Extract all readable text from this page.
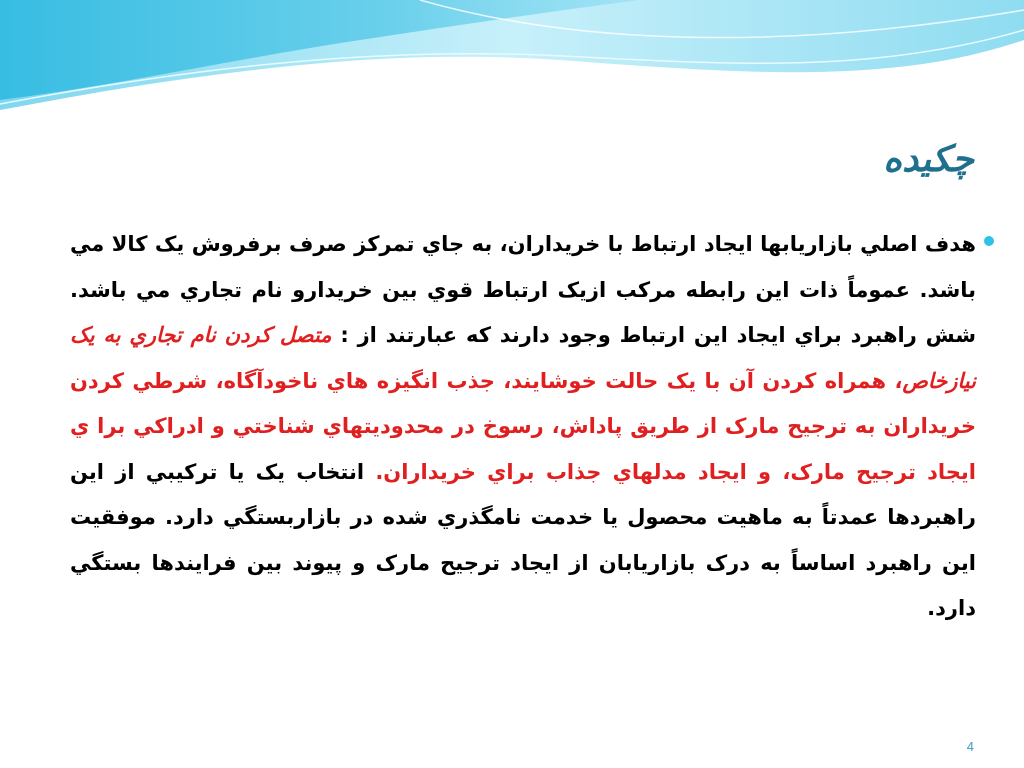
چكيده

هدف اصلي بازاريابها ايجاد ارتباط با خريداران، به جاي تمركز صرف برفروش يک کالا مي باشد. عموماً ذات اين رابطه مركب ازيک ارتباط قوي بين خريدارو نام تجاري مي باشد. شش راهبرد براي ايجاد اين ارتباط وجود دارند که عبارتند از : متصل کردن نام تجاري به يک نيازخاص، همراه کردن آن با يک حالت خوشايند، جذب انگيزه هاي ناخودآگاه، شرطي کردن خريداران به ترجيح مارک از طريق پاداش، رسوخ در محدوديتهاي شناختي و ادراكي برا ي ايجاد ترجيح مارک، و ايجاد مدلهاي جذاب براي خريداران. انتخاب يک يا تركيبي از اين راهبردها عمدتاً به ماهيت محصول يا خدمت نامگذري شده در بازاربستگي دارد. موفقيت اين راهبرد اساساً به درک بازاريابان از ايجاد ترجيح مارک و پيوند بين فرايندها بستگي دارد.

4
